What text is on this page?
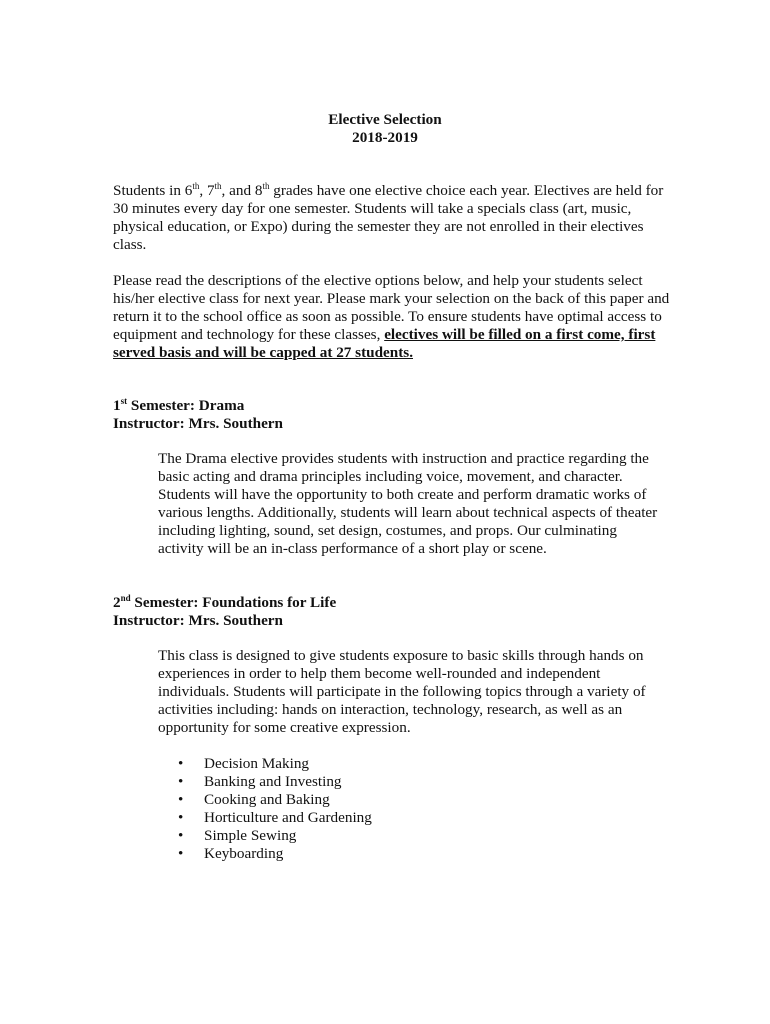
Elective Selection
2018-2019

Students in 6th, 7th, and 8th grades have one elective choice each year. Electives are held for 30 minutes every day for one semester. Students will take a specials class (art, music, physical education, or Expo) during the semester they are not enrolled in their electives class.

Please read the descriptions of the elective options below, and help your students select his/her elective class for next year. Please mark your selection on the back of this paper and return it to the school office as soon as possible. To ensure students have optimal access to equipment and technology for these classes, electives will be filled on a first come, first served basis and will be capped at 27 students.

1st Semester: Drama
Instructor: Mrs. Southern

The Drama elective provides students with instruction and practice regarding the basic acting and drama principles including voice, movement, and character. Students will have the opportunity to both create and perform dramatic works of various lengths. Additionally, students will learn about technical aspects of theater including lighting, sound, set design, costumes, and props. Our culminating activity will be an in-class performance of a short play or scene.

2nd Semester: Foundations for Life
Instructor: Mrs. Southern

This class is designed to give students exposure to basic skills through hands on experiences in order to help them become well-rounded and independent individuals. Students will participate in the following topics through a variety of activities including: hands on interaction, technology, research, as well as an opportunity for some creative expression.

• Decision Making
• Banking and Investing
• Cooking and Baking
• Horticulture and Gardening
• Simple Sewing
• Keyboarding
